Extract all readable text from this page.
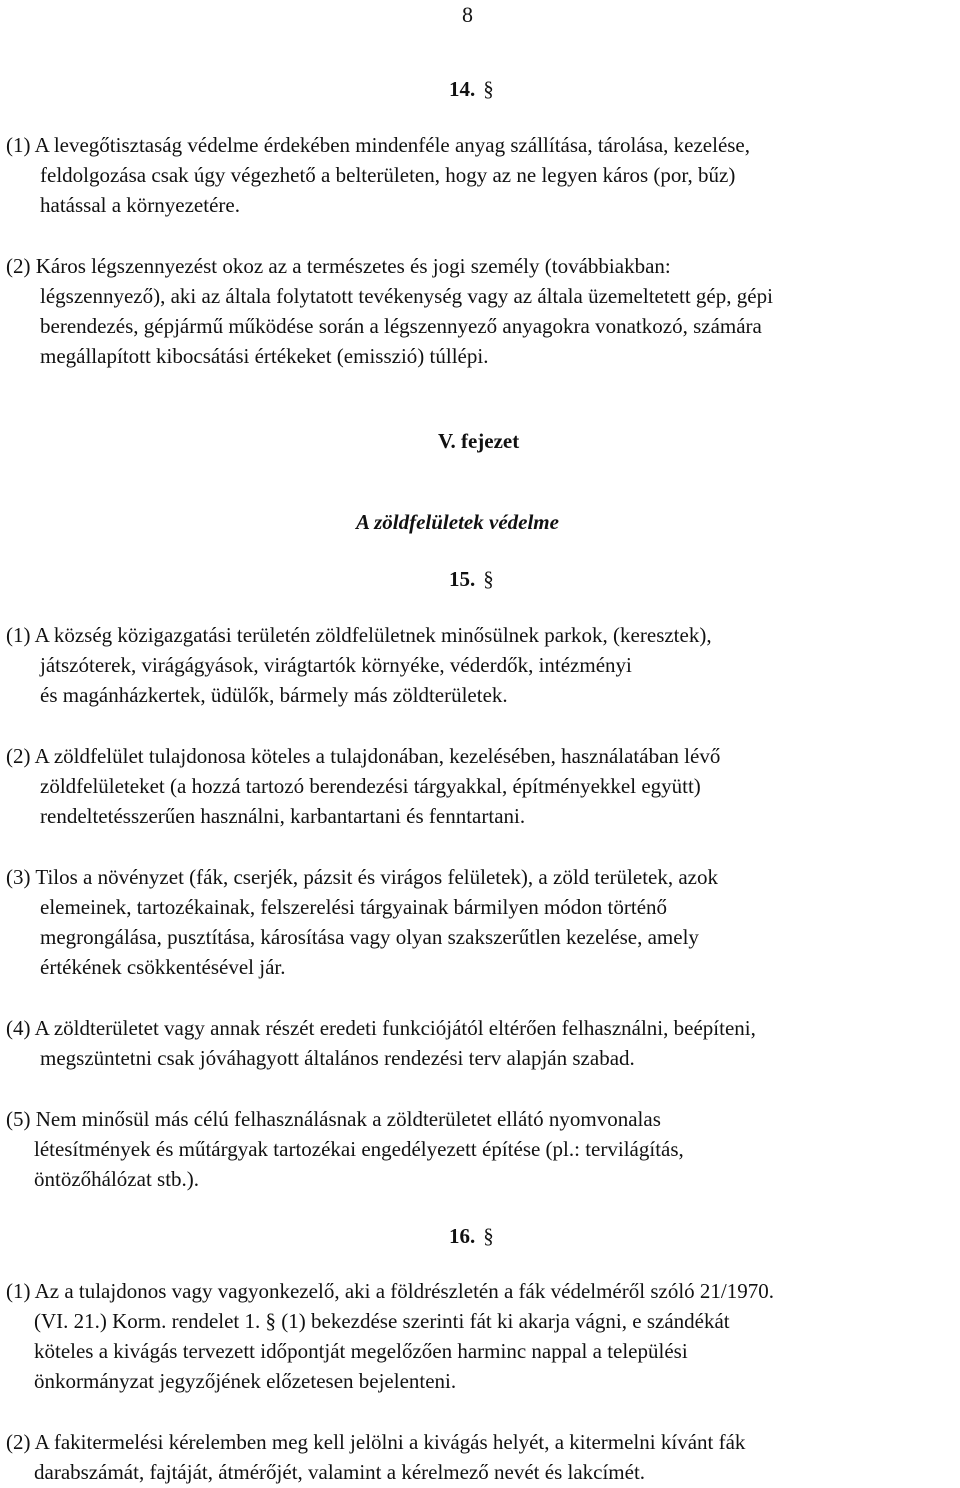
8
14. §
(1) A levegőtisztaság védelme érdekében mindenféle anyag szállítása, tárolása, kezelése,
feldolgozása csak úgy végezhető a belterületen, hogy az ne legyen káros (por, bűz)
hatással a környezetére.
(2) Káros légszennyezést okoz az a természetes és jogi személy (továbbiakban:
légszennyező), aki az általa folytatott tevékenység vagy az általa üzemeltetett gép, gépi
berendezés, gépjármű működése során a légszennyező anyagokra vonatkozó, számára
megállapított kibocsátási értékeket (emisszió) túllépi.
V. fejezet
A zöldfelületek védelme
15. §
(1) A község közigazgatási területén zöldfelületnek minősülnek parkok, (keresztek),
játszóterek, virágágyások, virágtartók környéke, véderdők, intézményi
és magánházkertek, üdülők, bármely más zöldterületek.
(2) A zöldfelület tulajdonosa köteles a tulajdonában, kezelésében, használatában lévő
zöldfelületeket (a hozzá tartozó berendezési tárgyakkal, építményekkel együtt)
rendeltetésszerűen használni, karbantartani és fenntartani.
(3) Tilos a növényzet (fák, cserjék, pázsit és virágos felületek), a zöld területek, azok
elemeinek, tartozékainak, felszerelési tárgyainak bármilyen módon történő
megrongálása, pusztítása, károsítása vagy olyan szakszerűtlen kezelése, amely
értékének csökkentésével jár.
(4) A zöldterületet vagy annak részét eredeti funkciójától eltérően felhasználni, beépíteni,
megszüntetni csak jóváhagyott általános rendezési terv alapján szabad.
(5) Nem minősül más célú felhasználásnak a zöldterületet ellátó nyomvonalas
létesítmények és műtárgyak tartozékai engedélyezett építése (pl.: tervilágítás,
öntözőhálózat stb.).
16. §
(1) Az a tulajdonos vagy vagyonkezelő, aki a földrészletén a fák védelméről szóló 21/1970.
(VI. 21.) Korm. rendelet 1. § (1) bekezdése szerinti fát ki akarja vágni, e szándékát
köteles a kivágás tervezett időpontját megelőzően harminc nappal a települési
önkormányzat jegyzőjének előzetesen bejelenteni.
(2) A fakitermelési kérelemben meg kell jelölni a kivágás helyét, a kitermelni kívánt fák
darabszámát, fajtáját, átmérőjét, valamint a kérelmező nevét és lakcímét.
